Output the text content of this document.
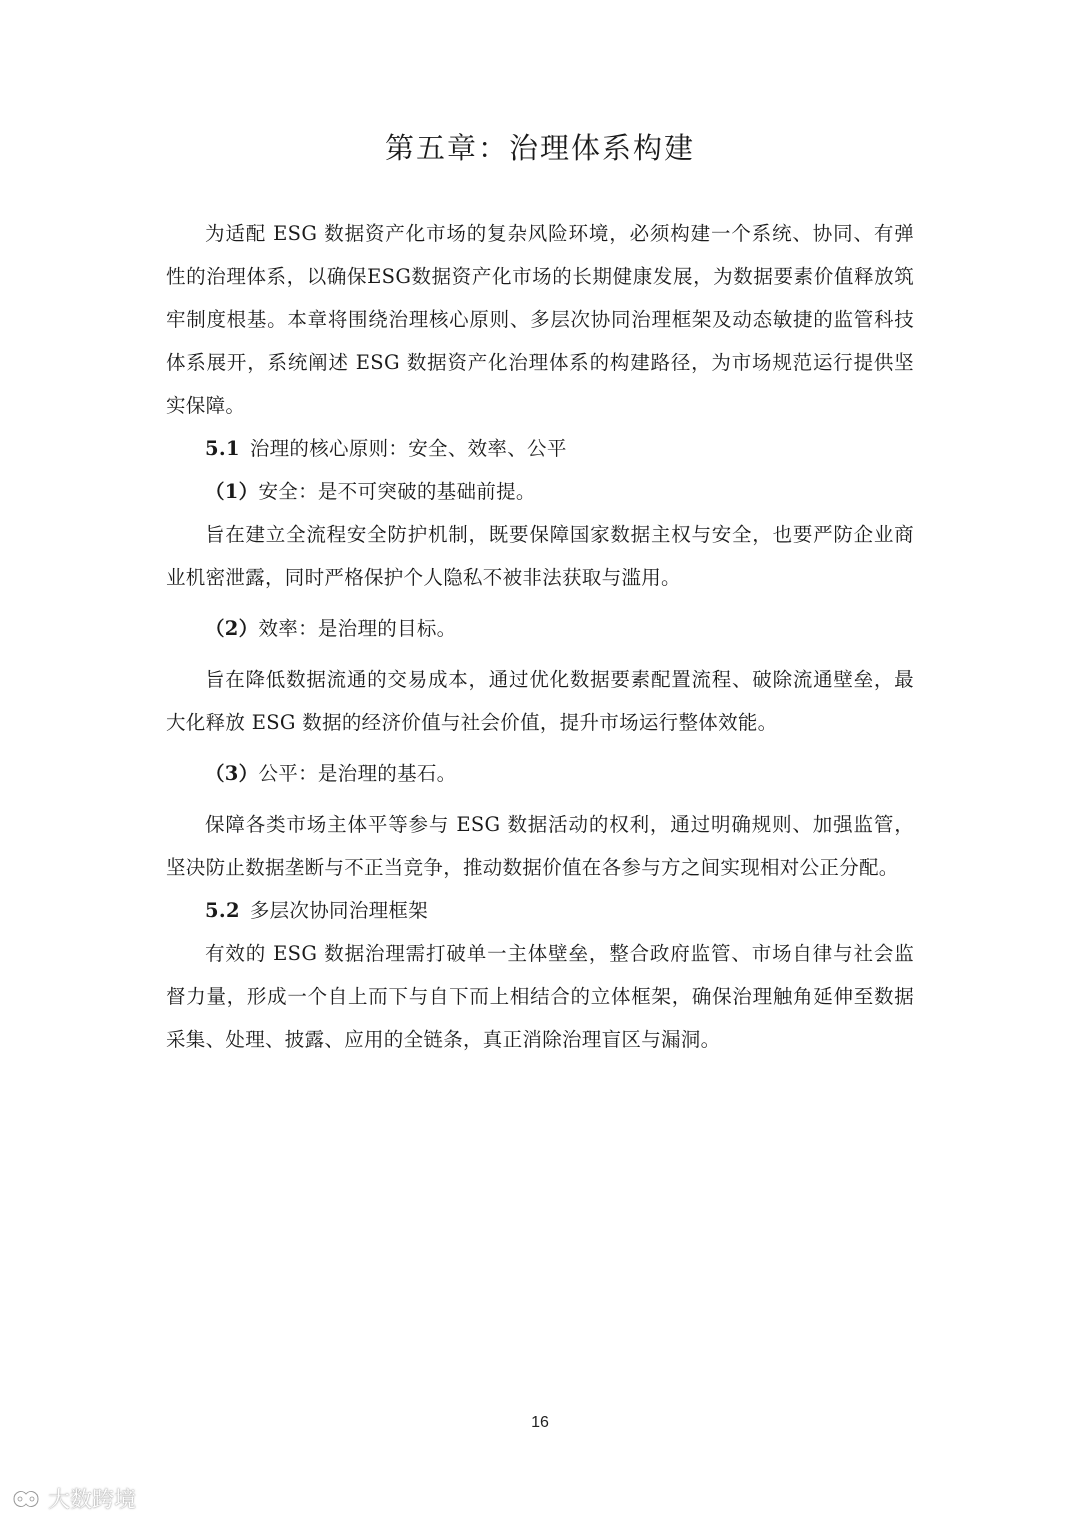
第五章：治理体系构建

为适配 ESG 数据资产化市场的复杂风险环境，必须构建一个系统、协同、有弹性的治理体系，以确保ESG数据资产化市场的长期健康发展，为数据要素价值释放筑牢制度根基。本章将围绕治理核心原则、多层次协同治理框架及动态敏捷的监管科技体系展开，系统阐述 ESG 数据资产化治理体系的构建路径，为市场规范运行提供坚实保障。

5.1 治理的核心原则：安全、效率、公平
（1）安全：是不可突破的基础前提。

旨在建立全流程安全防护机制，既要保障国家数据主权与安全，也要严防企业商业机密泄露，同时严格保护个人隐私不被非法获取与滥用。

（2）效率：是治理的目标。

旨在降低数据流通的交易成本，通过优化数据要素配置流程、破除流通壁垒，最大化释放 ESG 数据的经济价值与社会价值，提升市场运行整体效能。

（3）公平：是治理的基石。

保障各类市场主体平等参与 ESG 数据活动的权利，通过明确规则、加强监管，坚决防止数据垄断与不正当竞争，推动数据价值在各参与方之间实现相对公正分配。

5.2 多层次协同治理框架

有效的 ESG 数据治理需打破单一主体壁垒，整合政府监管、市场自律与社会监督力量，形成一个自上而下与自下而上相结合的立体框架，确保治理触角延伸至数据采集、处理、披露、应用的全链条，真正消除治理盲区与漏洞。

16
大数跨境
